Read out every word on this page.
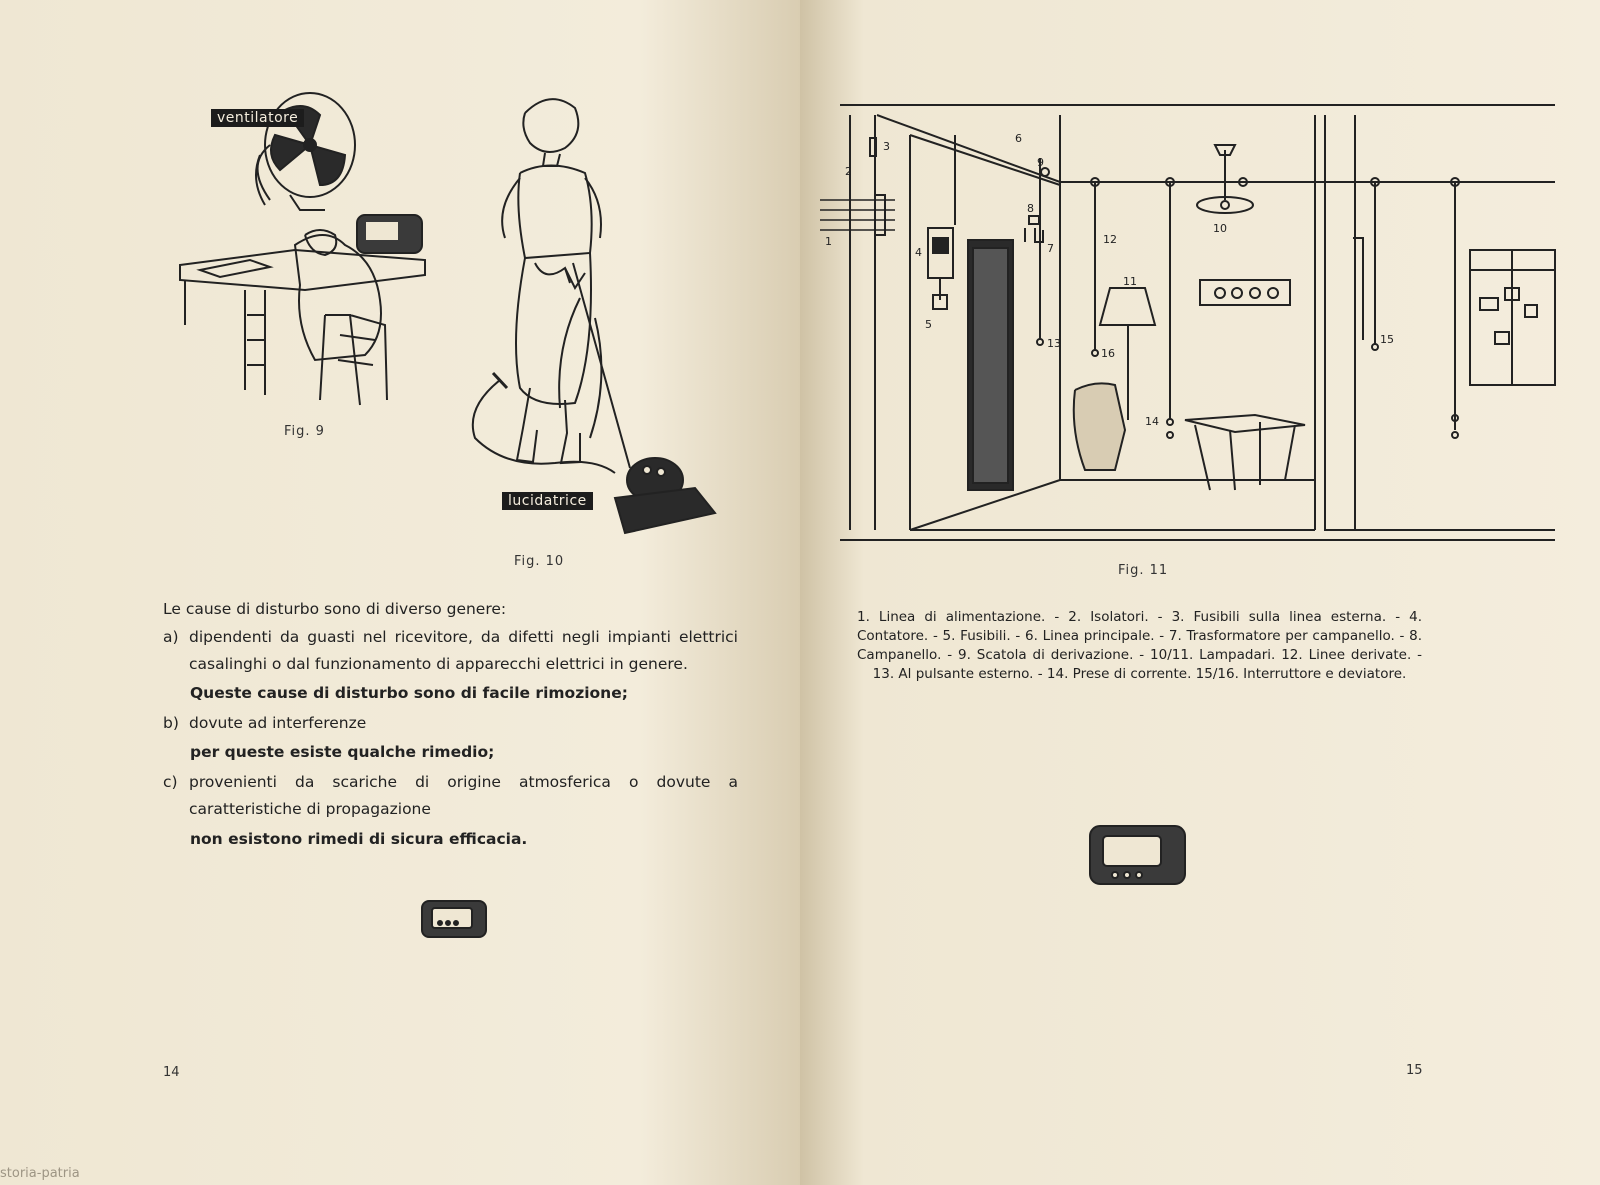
ventilatore
Fig. 9
lucidatrice
Fig. 10
Le cause di disturbo sono di diverso genere:
a) dipendenti da guasti nel ricevitore, da difetti negli impianti elettrici casalinghi o dal funzionamento di apparecchi elettrici in genere.
Queste cause di disturbo sono di facile rimozione;
b) dovute ad interferenze
per queste esiste qualche rimedio;
c) provenienti da scariche di origine atmosferica o dovute a caratteristiche di propagazione
non esistono rimedi di sicura efficacia.
14
storia-patria
1
2
3
4
5
6
7
8
9
10
11
12
13
14
15
16
Fig. 11
1. Linea di alimentazione. - 2. Isolatori. - 3. Fusibili sulla linea esterna. - 4. Contatore. - 5. Fusibili. - 6. Linea principale. - 7. Trasformatore per campanello. - 8. Campanello. - 9. Scatola di derivazione. - 10/11. Lampadari. 12. Linee derivate. - 13. Al pulsante esterno. - 14. Prese di corrente. 15/16. Interruttore e deviatore.
15
